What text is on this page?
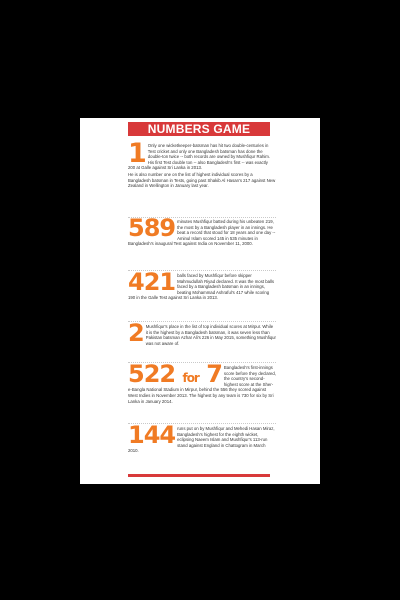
NUMBERS GAME
1 Only one wicketkeeper-batsman has hit two double-centuries in Test cricket and only one Bangladesh batsman has done the double-ton twice -- both records are owned by Mushfiqur Rahim. His first Test double ton -- also Bangladesh's first -- was exactly 200 at Galle against Sri Lanka in 2013.
He is also number one on the list of highest individual scores by a Bangladesh batsman in Tests, going past Shakib Al Hasan's 217 against New Zealand in Wellington in January last year.
589 minutes Mushfiqur batted during his unbeaten 219, the most by a Bangladesh player in an innings. He beat a record that stood for 18 years and one day -- Aminul Islam scored 145 in 535 minutes in Bangladesh's inaugural Test against India on November 11, 2000.
421 balls faced by Mushfiqur before skipper Mahmudullah Riyad declared. It was the most balls faced by a Bangladesh batsman in an innings, beating Mohammad Ashraful's 417 while scoring 190 in the Galle Test against Sri Lanka in 2013.
2 Mushfiqur's place in the list of top individual scores at Mirpur. While it is the highest by a Bangladesh batsman, it was seven less than Pakistan batsman Azhar Ali's 226 in May 2015, something Mushfiqur was not aware of.
522 for 7 Bangladesh's first-innings score before they declared, the country's second-highest score at the Sher-e-Bangla National Stadium in Mirpur, behind the 556 they scored against West Indies in November 2013. The highest by any team is 730 for six by Sri Lanka in January 2014.
144 runs put on by Mushfiqur and Mehedi Hasan Miraz, Bangladesh's highest for the eighth wicket, eclipsing Naeem Islam and Mushfiqur's 113-run stand against England in Chattogram in March 2010.
